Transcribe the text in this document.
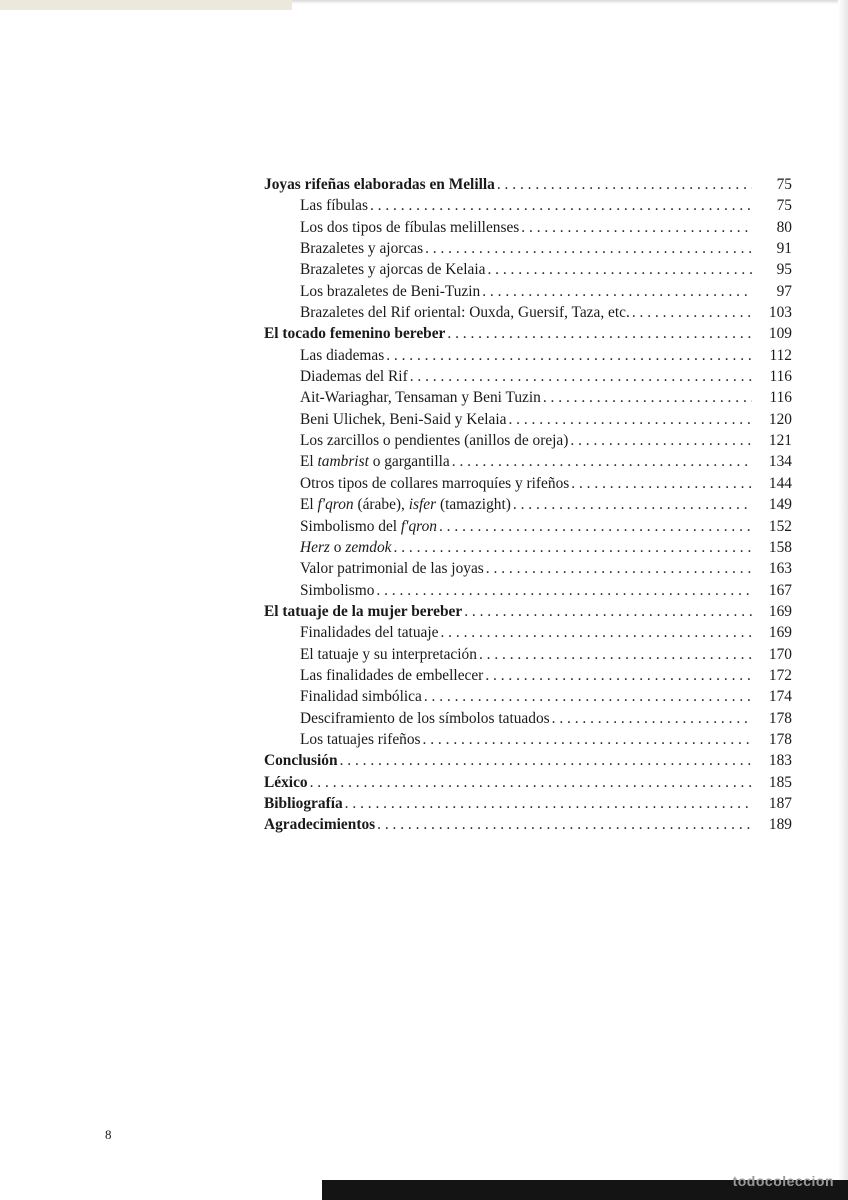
Joyas rifeñas elaboradas en Melilla . . .	75
Las fíbulas . . .	75
Los dos tipos de fíbulas melillenses . . .	80
Brazaletes y ajorcas . . .	91
Brazaletes y ajorcas de Kelaia . . .	95
Los brazaletes de Beni-Tuzin . . .	97
Brazaletes del Rif oriental: Ouxda, Guersif, Taza, etc. . . .	103
El tocado femenino bereber . . .	109
Las diademas . . .	112
Diademas del Rif . . .	116
Ait-Wariaghar, Tensaman y Beni Tuzin . . .	116
Beni Ulichek, Beni-Said y Kelaia . . .	120
Los zarcillos o pendientes (anillos de oreja) . . .	121
El tambrist o gargantilla . . .	134
Otros tipos de collares marroquíes y rifeños . . .	144
El f'qron (árabe), isfer (tamazight) . . .	149
Simbolismo del f'qron . . .	152
Herz o zemdok . . .	158
Valor patrimonial de las joyas . . .	163
Simbolismo . . .	167
El tatuaje de la mujer bereber . . .	169
Finalidades del tatuaje . . .	169
El tatuaje y su interpretación . . .	170
Las finalidades de embellecer . . .	172
Finalidad simbólica . . .	174
Desciframiento de los símbolos tatuados . . .	178
Los tatuajes rifeños . . .	178
Conclusión . . .	183
Léxico . . .	185
Bibliografía . . .	187
Agradecimientos . . .	189
8
todocoleccion
